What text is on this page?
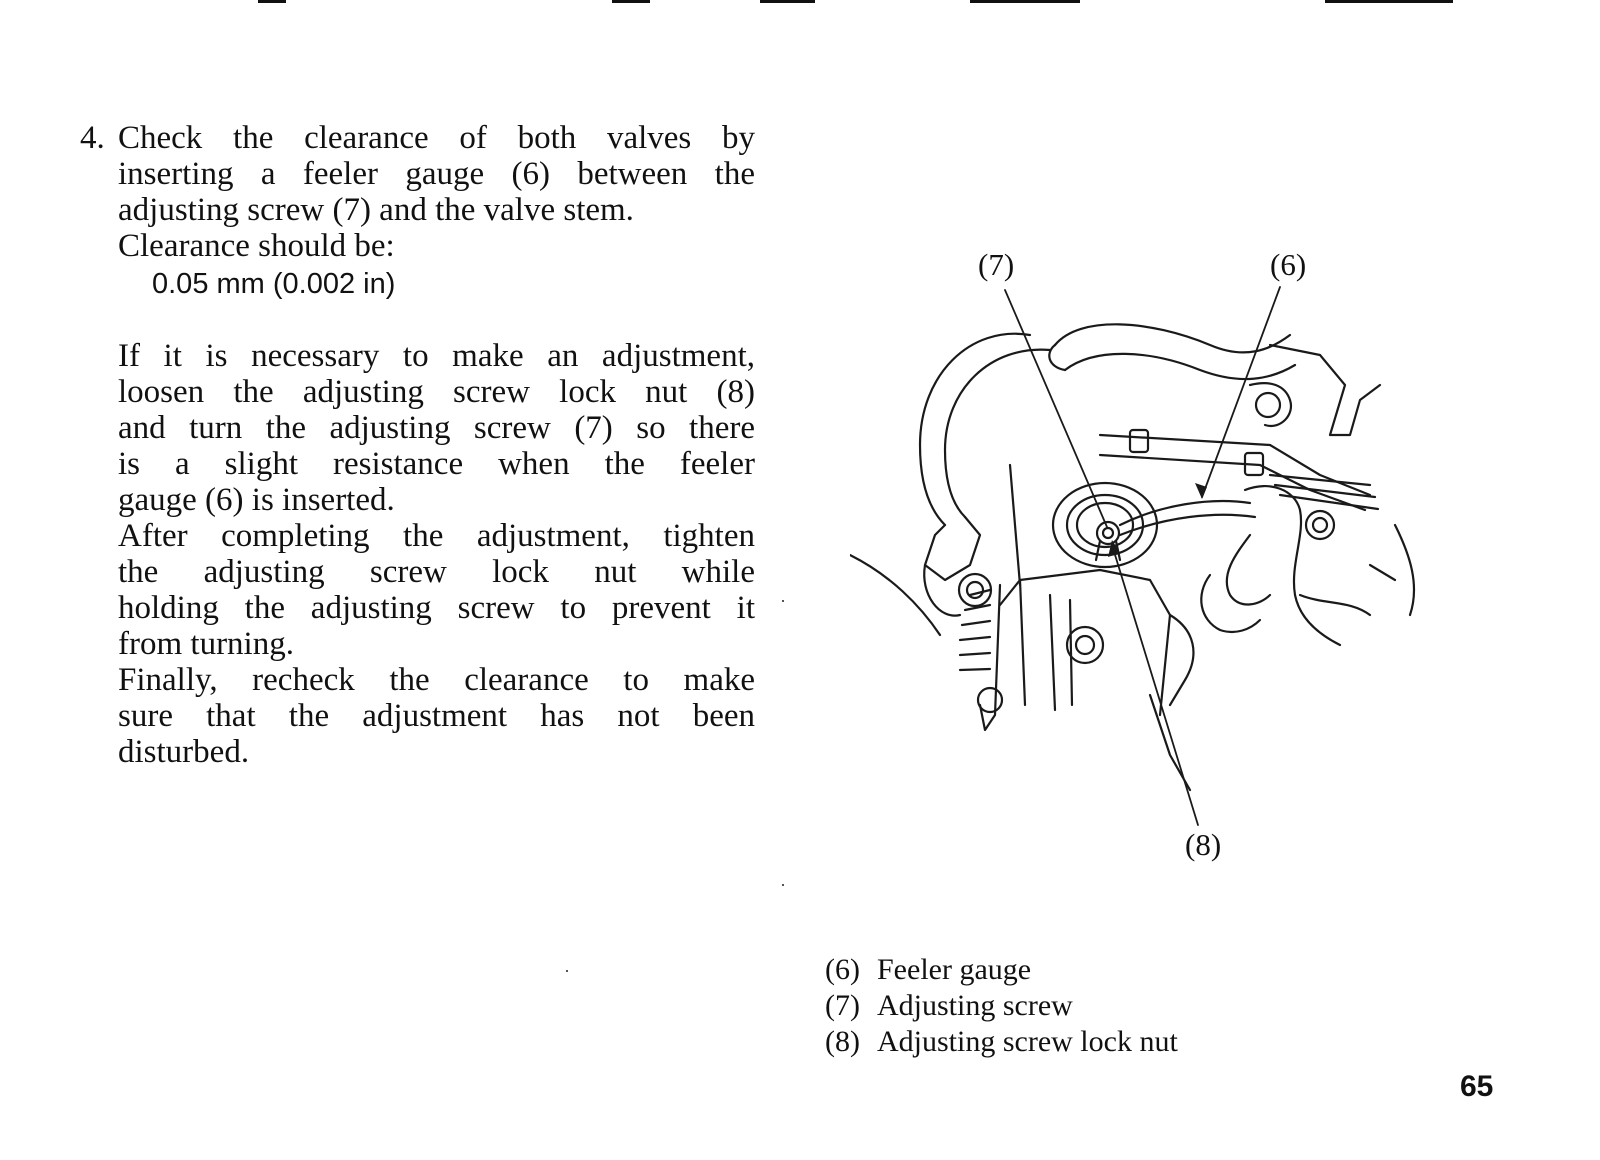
4. Check the clearance of both valves by
inserting a feeler gauge (6) between the
adjusting screw (7) and the valve stem.
Clearance should be:
0.05 mm (0.002 in)
If it is necessary to make an adjustment,
loosen the adjusting screw lock nut (8)
and turn the adjusting screw (7) so there
is a slight resistance when the feeler
gauge (6) is inserted.
After completing the adjustment, tighten
the adjusting screw lock nut while
holding the adjusting screw to prevent it
from turning.
Finally, recheck the clearance to make
sure that the adjustment has not been
disturbed.
(7)	(6)
(8)
(6) Feeler gauge
(7) Adjusting screw
(8) Adjusting screw lock nut
65
